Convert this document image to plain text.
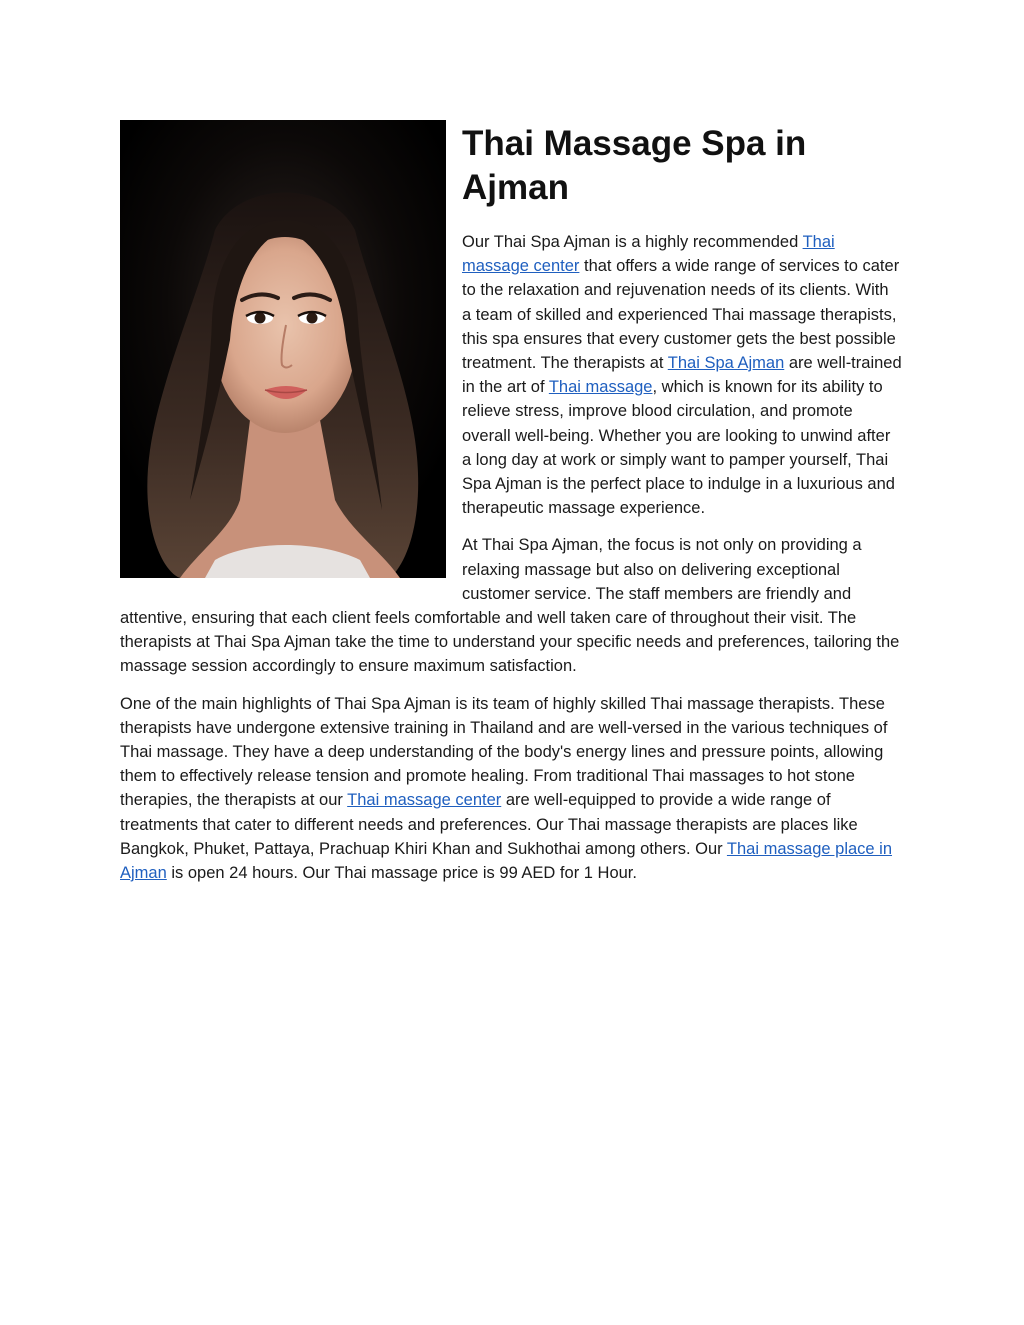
Thai Massage Spa in Ajman

Our Thai Spa Ajman is a highly recommended Thai massage center that offers a wide range of services to cater to the relaxation and rejuvenation needs of its clients. With a team of skilled and experienced Thai massage therapists, this spa ensures that every customer gets the best possible treatment. The therapists at Thai Spa Ajman are well-trained in the art of Thai massage, which is known for its ability to relieve stress, improve blood circulation, and promote overall well-being. Whether you are looking to unwind after a long day at work or simply want to pamper yourself, Thai Spa Ajman is the perfect place to indulge in a luxurious and therapeutic massage experience.

At Thai Spa Ajman, the focus is not only on providing a relaxing massage but also on delivering exceptional customer service. The staff members are friendly and attentive, ensuring that each client feels comfortable and well taken care of throughout their visit. The therapists at Thai Spa Ajman take the time to understand your specific needs and preferences, tailoring the massage session accordingly to ensure maximum satisfaction.

One of the main highlights of Thai Spa Ajman is its team of highly skilled Thai massage therapists. These therapists have undergone extensive training in Thailand and are well-versed in the various techniques of Thai massage. They have a deep understanding of the body's energy lines and pressure points, allowing them to effectively release tension and promote healing. From traditional Thai massages to hot stone therapies, the therapists at our Thai massage center are well-equipped to provide a wide range of treatments that cater to different needs and preferences. Our Thai massage therapists are places like Bangkok, Phuket, Pattaya, Prachuap Khiri Khan and Sukhothai among others. Our Thai massage place in Ajman is open 24 hours. Our Thai massage price is 99 AED for 1 Hour.
